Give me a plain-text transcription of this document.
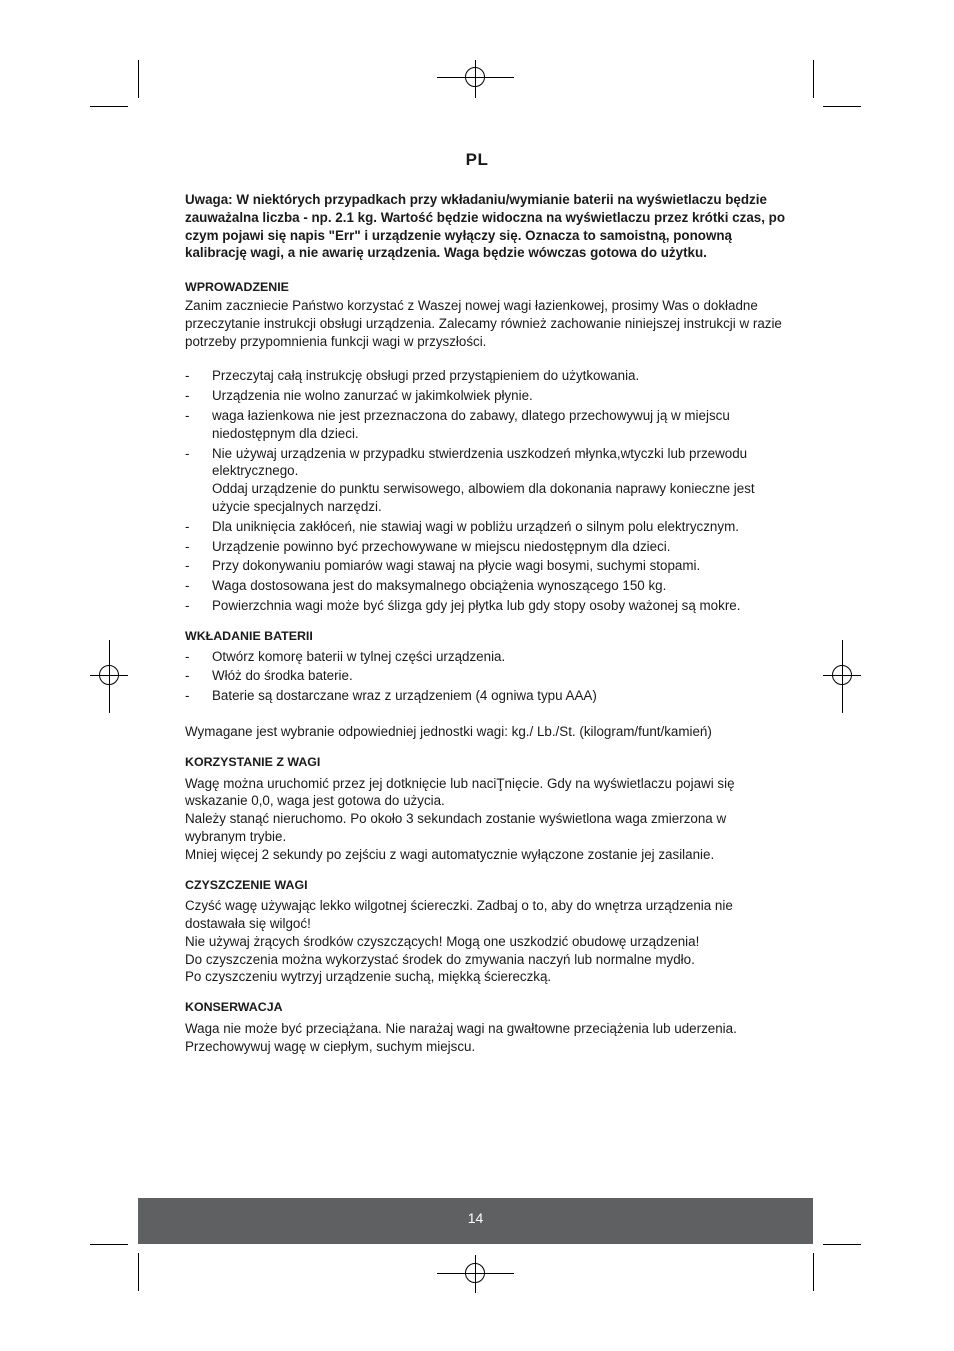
PL

Uwaga: W niektórych przypadkach przy wkładaniu/wymianie baterii na wyświetlaczu będzie zauważalna liczba - np. 2.1 kg. Wartość będzie widoczna na wyświetlaczu przez krótki czas, po czym pojawi się napis "Err" i urządzenie wyłączy się. Oznacza to samoistną, ponowną kalibrację wagi, a nie awarię urządzenia. Waga będzie wówczas gotowa do użytku.

WPROWADZENIE

Zanim zaczniecie Państwo korzystać z Waszej nowej wagi łazienkowej, prosimy Was o dokładne przeczytanie instrukcji obsługi urządzenia. Zalecamy również zachowanie niniejszej instrukcji w razie potrzeby przypomnienia funkcji wagi w przyszłości.

- Przeczytaj całą instrukcję obsługi przed przystąpieniem do użytkowania.
- Urządzenia nie wolno zanurzać w jakimkolwiek płynie.
- waga łazienkowa nie jest przeznaczona do zabawy, dlatego przechowywuj ją w miejscu niedostępnym dla dzieci.
- Nie używaj urządzenia w przypadku stwierdzenia uszkodzeń młynka,wtyczki lub przewodu elektrycznego.

Oddaj urządzenie do punktu serwisowego, albowiem dla dokonania naprawy konieczne jest użycie specjalnych narzędzi.

- Dla uniknięcia zakłóceń, nie stawiaj wagi w pobliżu urządzeń o silnym polu elektrycznym.
- Urządzenie powinno być przechowywane w miejscu niedostępnym dla dzieci.
- Przy dokonywaniu pomiarów wagi stawaj na płycie wagi bosymi, suchymi stopami.
- Waga dostosowana jest do maksymalnego obciążenia wynoszącego 150 kg.
- Powierzchnia wagi może być ślizga gdy jej płytka lub gdy stopy osoby ważonej są mokre.

WKŁADANIE BATERII

- Otwórz komorę baterii w tylnej części urządzenia.
- Włóż do środka baterie.
- Baterie są dostarczane wraz z urządzeniem (4 ogniwa typu AAA)

Wymagane jest wybranie odpowiedniej jednostki wagi: kg./ Lb./St. (kilogram/funt/kamień)

KORZYSTANIE Z WAGI

Wagę można uruchomić przez jej dotknięcie lub naciŢnięcie. Gdy na wyświetlaczu pojawi się wskazanie 0,0, waga jest gotowa do użycia.

Należy stanąć nieruchomo. Po około 3 sekundach zostanie wyświetlona waga zmierzona w wybranym trybie.

Mniej więcej 2 sekundy po zejściu z wagi automatycznie wyłączone zostanie jej zasilanie.

CZYSZCZENIE WAGI

Czyść wagę używając lekko wilgotnej ściereczki. Zadbaj o to, aby do wnętrza urządzenia nie dostawała się wilgoć!

Nie używaj żrących środków czyszczących! Mogą one uszkodzić obudowę urządzenia!

Do czyszczenia można wykorzystać środek do zmywania naczyń lub normalne mydło.

Po czyszczeniu wytrzyj urządzenie suchą, miękką ściereczką.

KONSERWACJA

Waga nie może być przeciążana. Nie narażaj wagi na gwałtowne przeciążenia lub uderzenia.

Przechowywuj wagę w ciepłym, suchym miejscu.

14
